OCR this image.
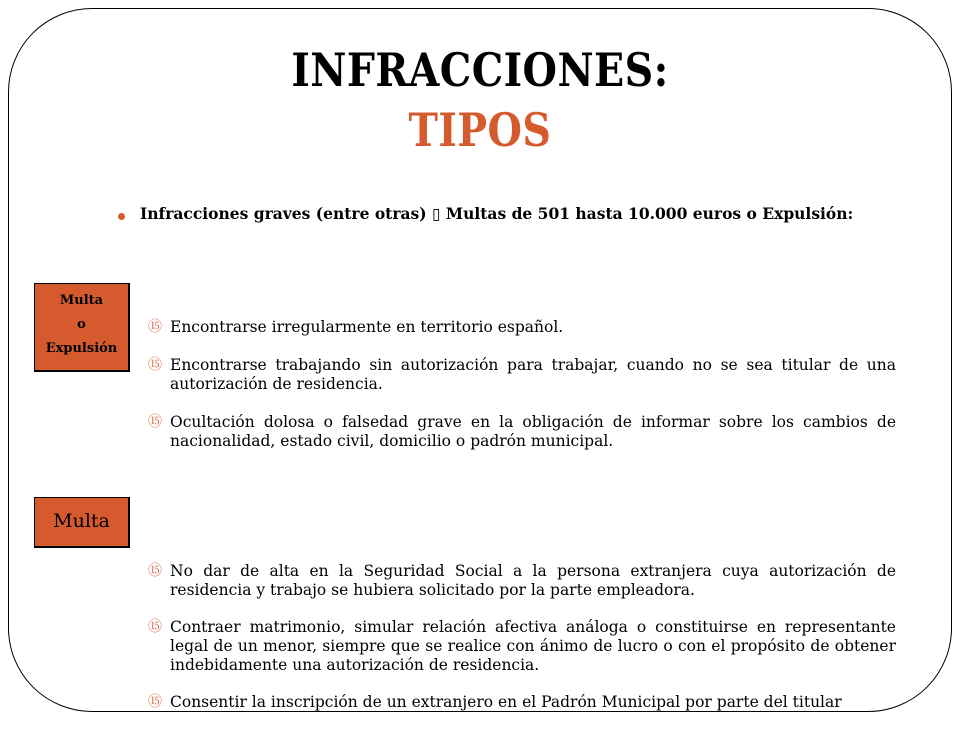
INFRACCIONES:
TIPOS
Infracciones graves (entre otras) ▯ Multas de 501 hasta 10.000 euros o Expulsión:
Multa
o
Expulsión
⑮ Encontrarse irregularmente en territorio español.
⑮ Encontrarse trabajando sin autorización para trabajar, cuando no se sea titular de una autorización de residencia.
⑮ Ocultación dolosa o falsedad grave en la obligación de informar sobre los cambios de nacionalidad, estado civil, domicilio o padrón municipal.
Multa
⑮ No dar de alta en la Seguridad Social a la persona extranjera cuya autorización de residencia y trabajo se hubiera solicitado por la parte empleadora.
⑮ Contraer matrimonio, simular relación afectiva análoga o constituirse en representante legal de un menor, siempre que se realice con ánimo de lucro o con el propósito de obtener indebidamente una autorización de residencia.
⑮ Consentir la inscripción de un extranjero en el Padrón Municipal por parte del titular
